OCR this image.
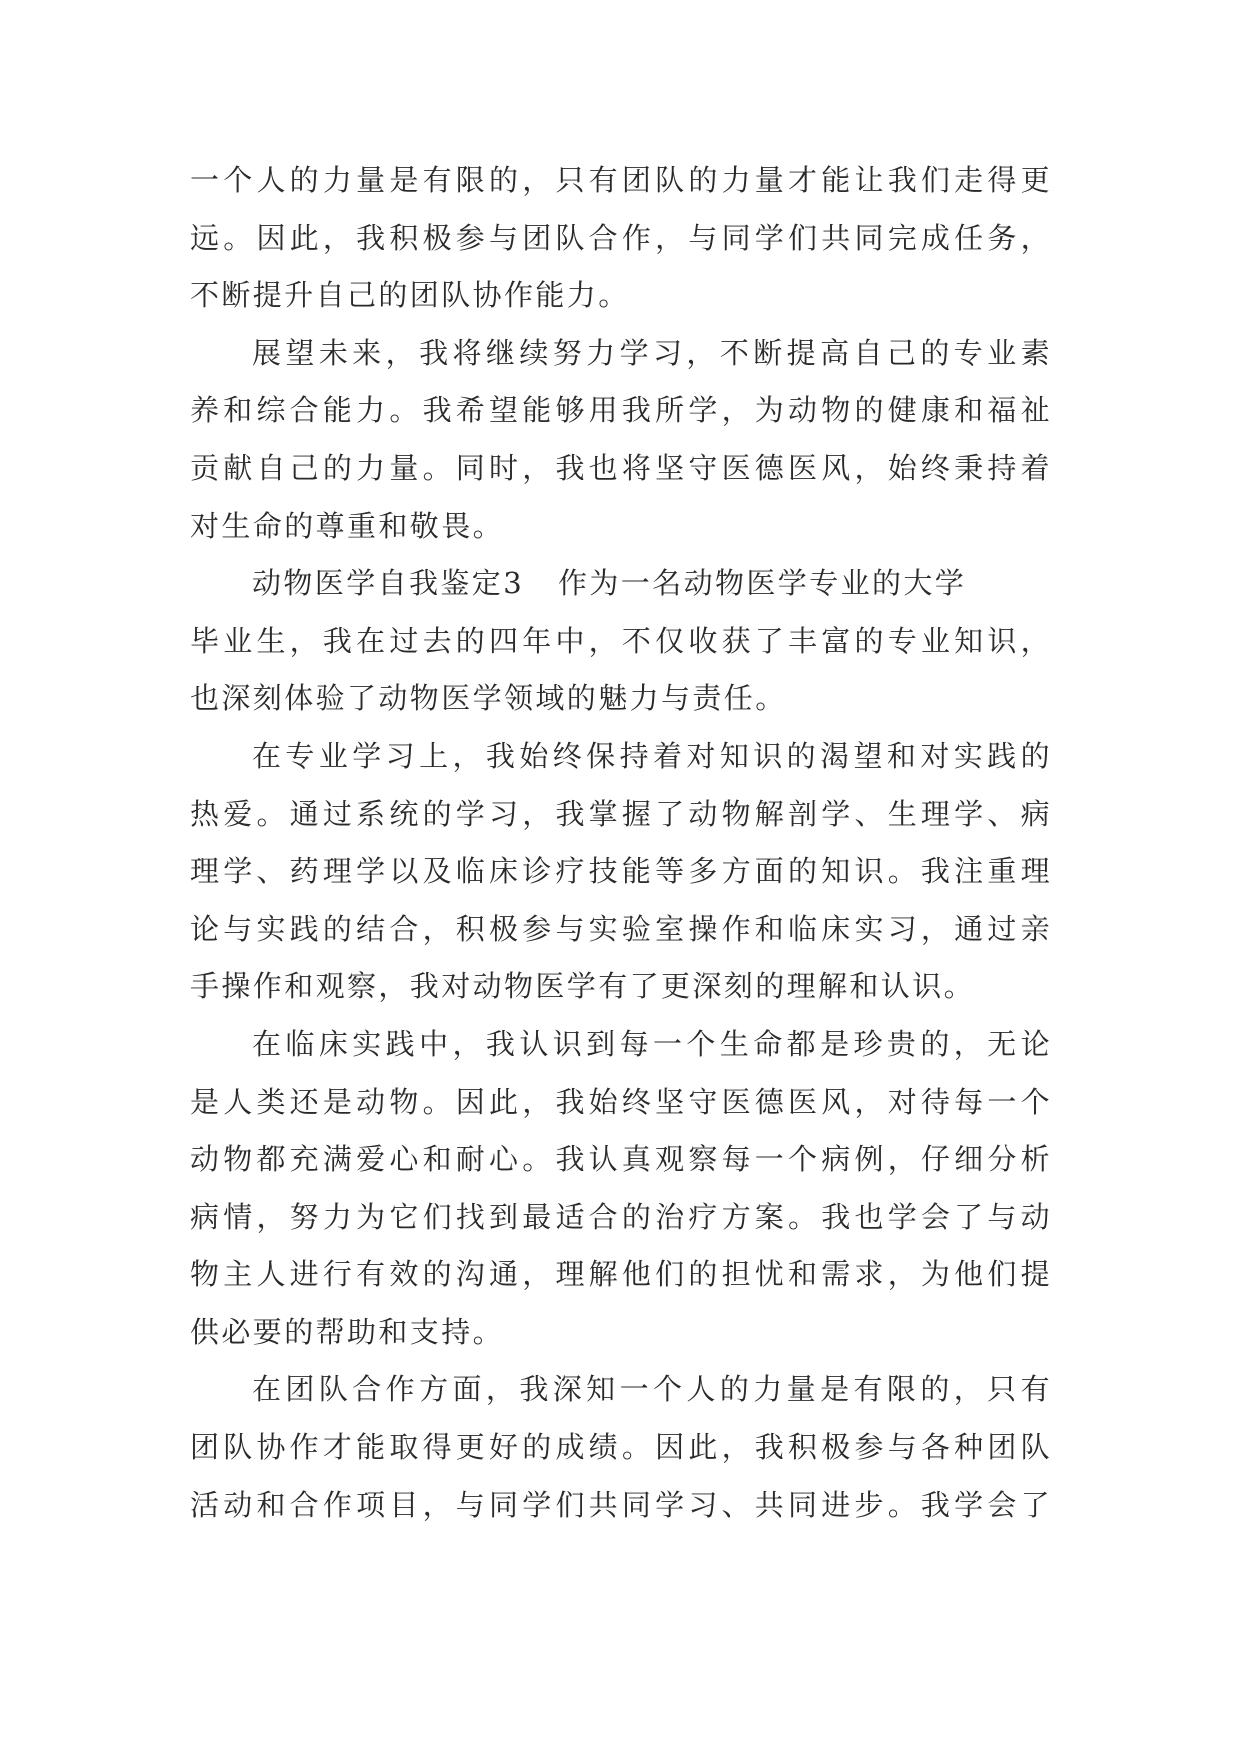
一个人的力量是有限的，只有团队的力量才能让我们走得更
远。因此，我积极参与团队合作，与同学们共同完成任务，
不断提升自己的团队协作能力。
展望未来，我将继续努力学习，不断提高自己的专业素
养和综合能力。我希望能够用我所学，为动物的健康和福祉
贡献自己的力量。同时，我也将坚守医德医风，始终秉持着
对生命的尊重和敬畏。
动物医学自我鉴定3 作为一名动物医学专业的大学
毕业生，我在过去的四年中，不仅收获了丰富的专业知识，
也深刻体验了动物医学领域的魅力与责任。
在专业学习上，我始终保持着对知识的渴望和对实践的
热爱。通过系统的学习，我掌握了动物解剖学、生理学、病
理学、药理学以及临床诊疗技能等多方面的知识。我注重理
论与实践的结合，积极参与实验室操作和临床实习，通过亲
手操作和观察，我对动物医学有了更深刻的理解和认识。
在临床实践中，我认识到每一个生命都是珍贵的，无论
是人类还是动物。因此，我始终坚守医德医风，对待每一个
动物都充满爱心和耐心。我认真观察每一个病例，仔细分析
病情，努力为它们找到最适合的治疗方案。我也学会了与动
物主人进行有效的沟通，理解他们的担忧和需求，为他们提
供必要的帮助和支持。
在团队合作方面，我深知一个人的力量是有限的，只有
团队协作才能取得更好的成绩。因此，我积极参与各种团队
活动和合作项目，与同学们共同学习、共同进步。我学会了
